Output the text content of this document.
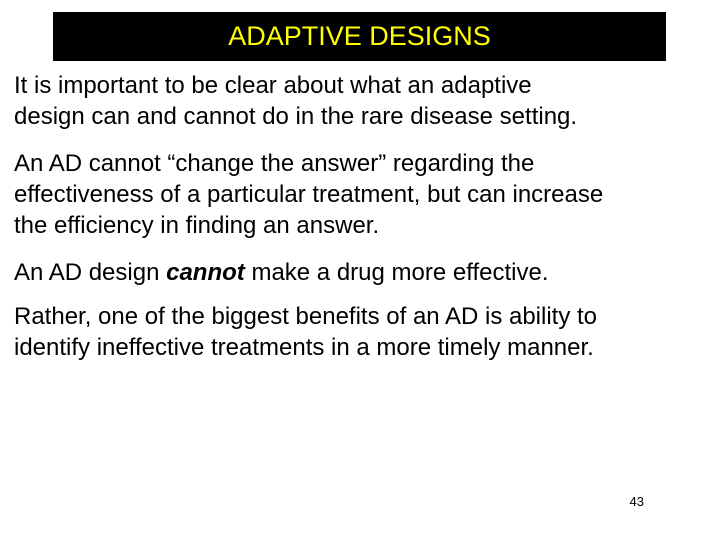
ADAPTIVE DESIGNS

It is important to be clear about what an adaptive
design can and cannot do in the rare disease setting.

An AD cannot “change the answer” regarding the
effectiveness of a particular treatment, but can increase
the efficiency in finding an answer.

An AD design cannot make a drug more effective.

Rather, one of the biggest benefits of an AD is ability to
identify ineffective treatments in a more timely manner.

43
